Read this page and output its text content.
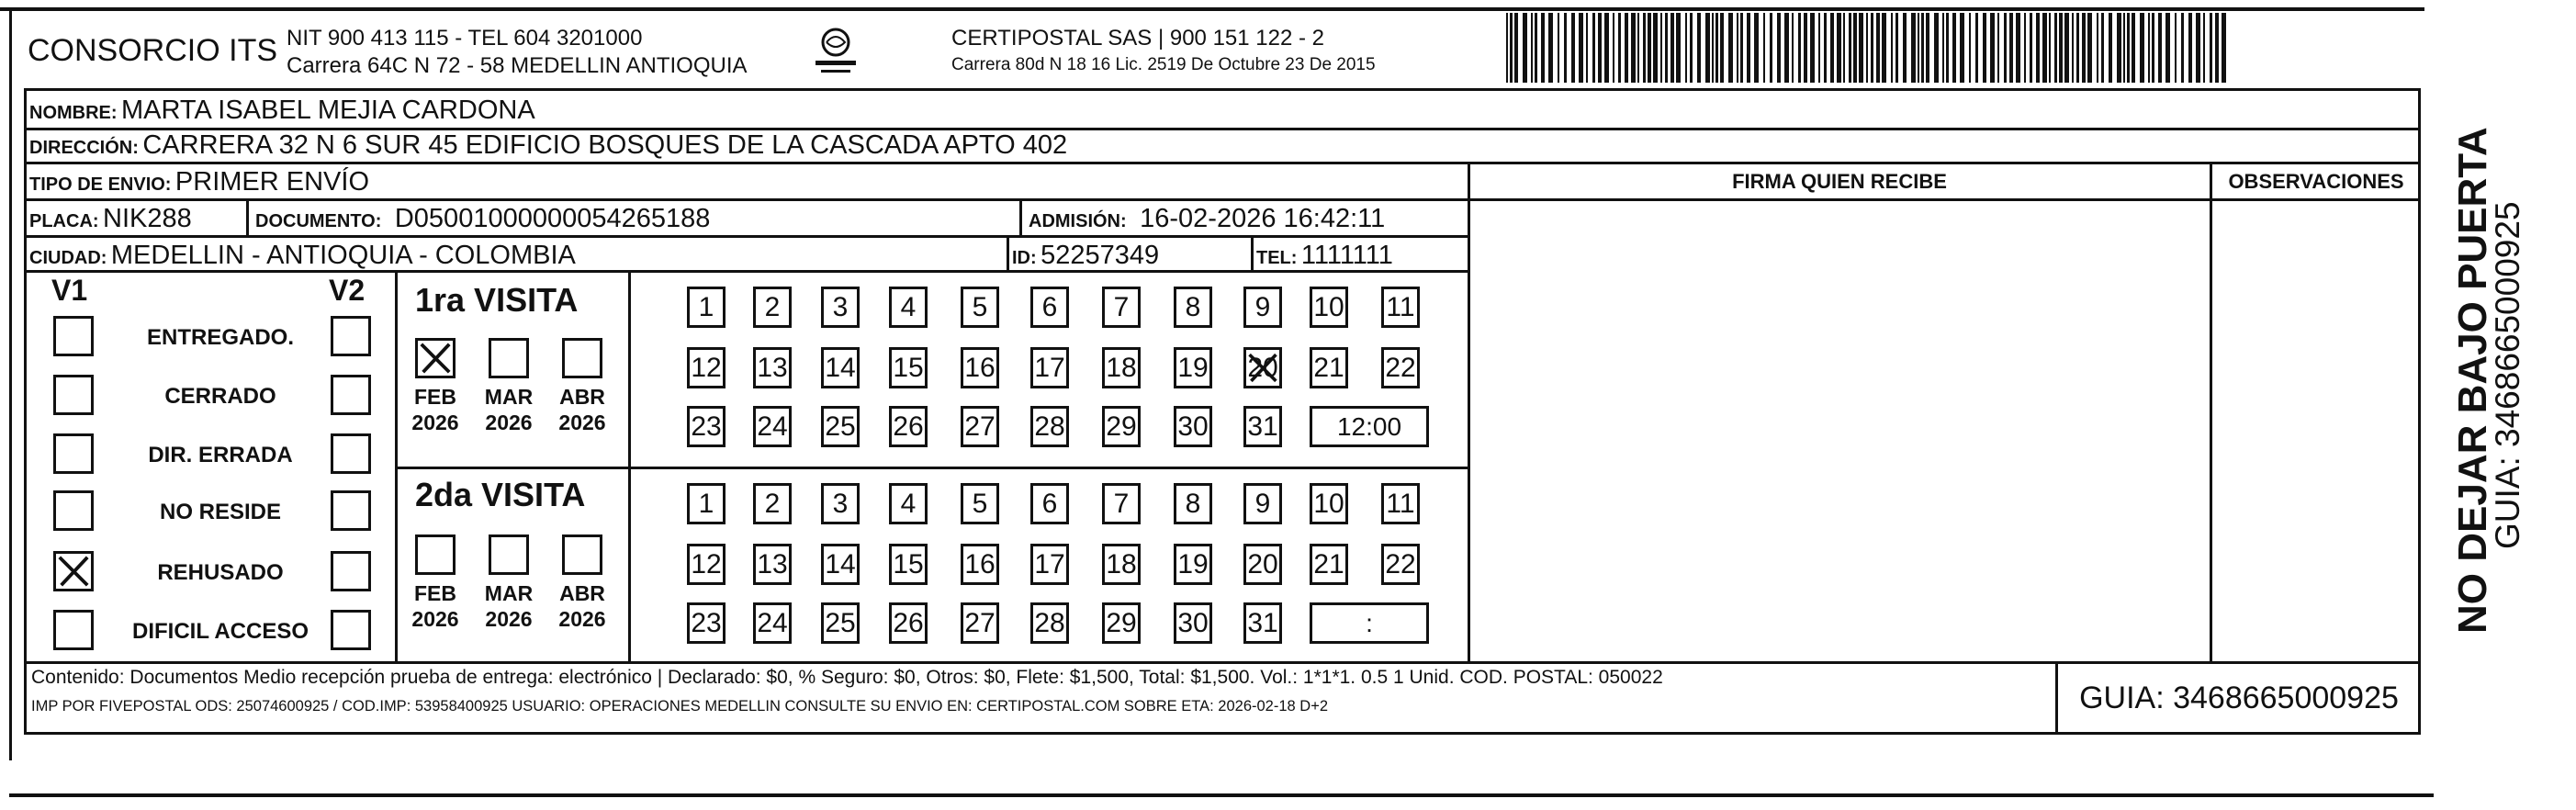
CONSORCIO ITS NIT 900 413 115 - TEL 604 3201000
Carrera 64C N 72 - 58 MEDELLIN ANTIOQUIA
CERTIPOSTAL SAS | 900 151 122 - 2
Carrera 80d N 18 16 Lic. 2519 De Octubre 23 De 2015
NOMBRE: MARTA ISABEL MEJIA CARDONA
DIRECCIÓN: CARRERA 32 N 6 SUR 45 EDIFICIO BOSQUES DE LA CASCADA APTO 402
TIPO DE ENVIO: PRIMER ENVÍO
PLACA: NIK288	DOCUMENTO: D05001000000054265188	ADMISIÓN: 16-02-2026 16:42:11
CIUDAD: MEDELLIN - ANTIOQUIA - COLOMBIA	ID: 52257349	TEL: 1111111
FIRMA QUIEN RECIBE	OBSERVACIONES
V1	V2
ENTREGADO.
CERRADO
DIR. ERRADA
NO RESIDE
REHUSADO
DIFICIL ACCESO
1ra VISITA
FEB
2026
MAR
2026
ABR
2026
1 2 3 4 5 6 7 8 9 10 11
12 13 14 15 16 17 18 19 20 21 22
23 24 25 26 27 28 29 30 31 12:00
2da VISITA
FEB
2026
MAR
2026
ABR
2026
1 2 3 4 5 6 7 8 9 10 11
12 13 14 15 16 17 18 19 20 21 22
23 24 25 26 27 28 29 30 31	:
Contenido: Documentos Medio recepción prueba de entrega: electrónico | Declarado: $0, % Seguro: $0, Otros: $0, Flete: $1,500, Total: $1,500. Vol.: 1*1*1. 0.5 1 Unid. COD. POSTAL: 050022
IMP POR FIVEPOSTAL ODS: 25074600925 / COD.IMP: 53958400925 USUARIO: OPERACIONES MEDELLIN CONSULTE SU ENVIO EN: CERTIPOSTAL.COM SOBRE ETA: 2026-02-18 D+2	GUIA: 3468665000925
NO DEJAR BAJO PUERTA
GUIA: 3468665000925
